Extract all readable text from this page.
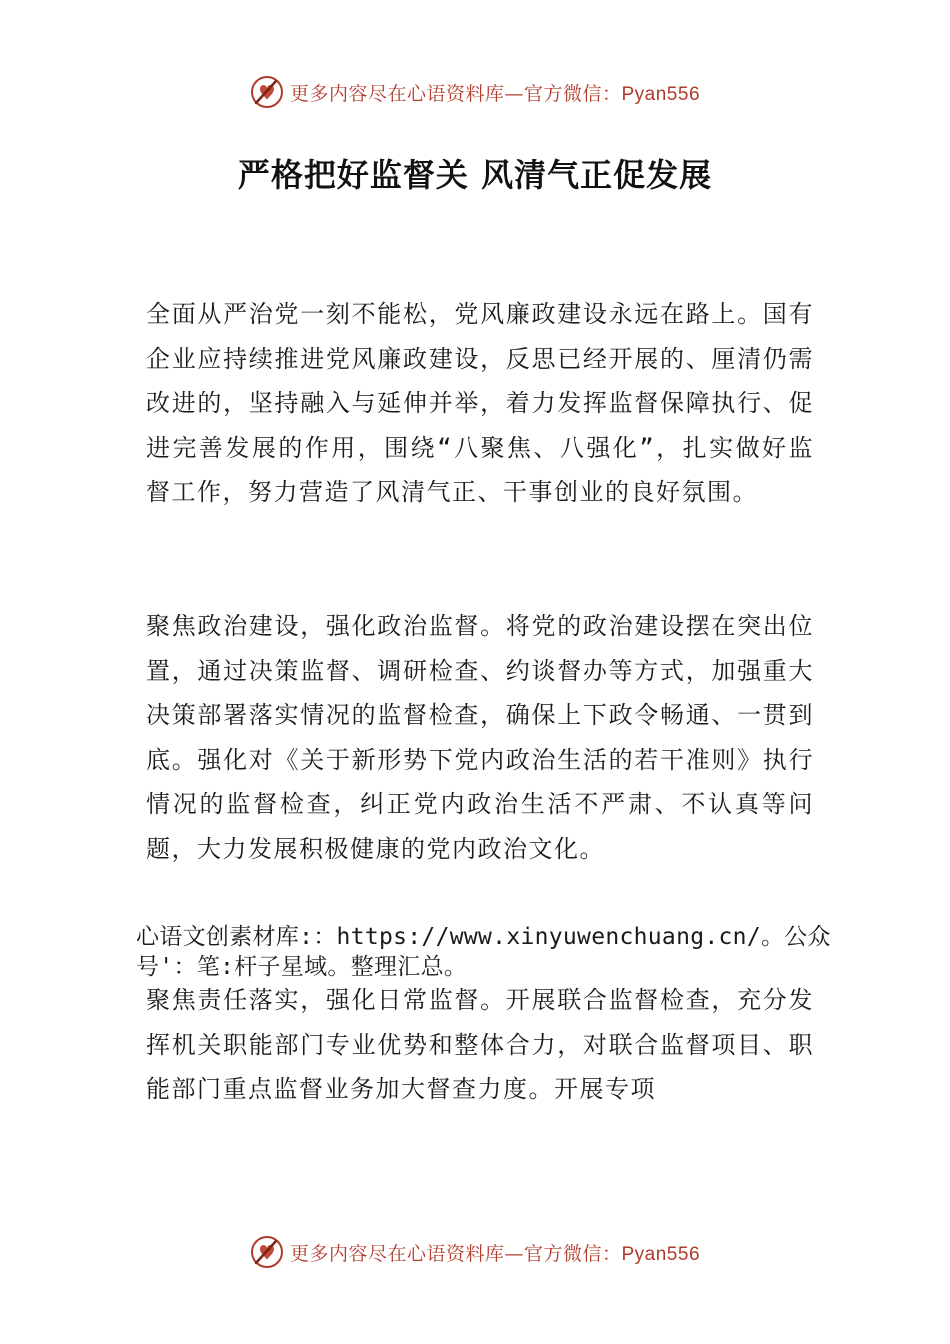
更多内容尽在心语资料库—官方微信：Pyan556
严格把好监督关 风清气正促发展

全面从严治党一刻不能松，党风廉政建设永远在路上。国有企业应持续推进党风廉政建设，反思已经开展的、厘清仍需改进的，坚持融入与延伸并举，着力发挥监督保障执行、促进完善发展的作用，围绕“八聚焦、八强化”，扎实做好监督工作，努力营造了风清气正、干事创业的良好氛围。

聚焦政治建设，强化政治监督。将党的政治建设摆在突出位置，通过决策监督、调研检查、约谈督办等方式，加强重大决策部署落实情况的监督检查，确保上下政令畅通、一贯到底。强化对《关于新形势下党内政治生活的若干准则》执行情况的监督检查，纠正党内政治生活不严肃、不认真等问题，大力发展积极健康的党内政治文化。

心语文创素材库:：https://www.xinyuwenchuang.cn/。公众号'：笔:杆子星域。整理汇总。

聚焦责任落实，强化日常监督。开展联合监督检查，充分发挥机关职能部门专业优势和整体合力，对联合监督项目、职能部门重点监督业务加大督查力度。开展专项

更多内容尽在心语资料库—官方微信：Pyan556
